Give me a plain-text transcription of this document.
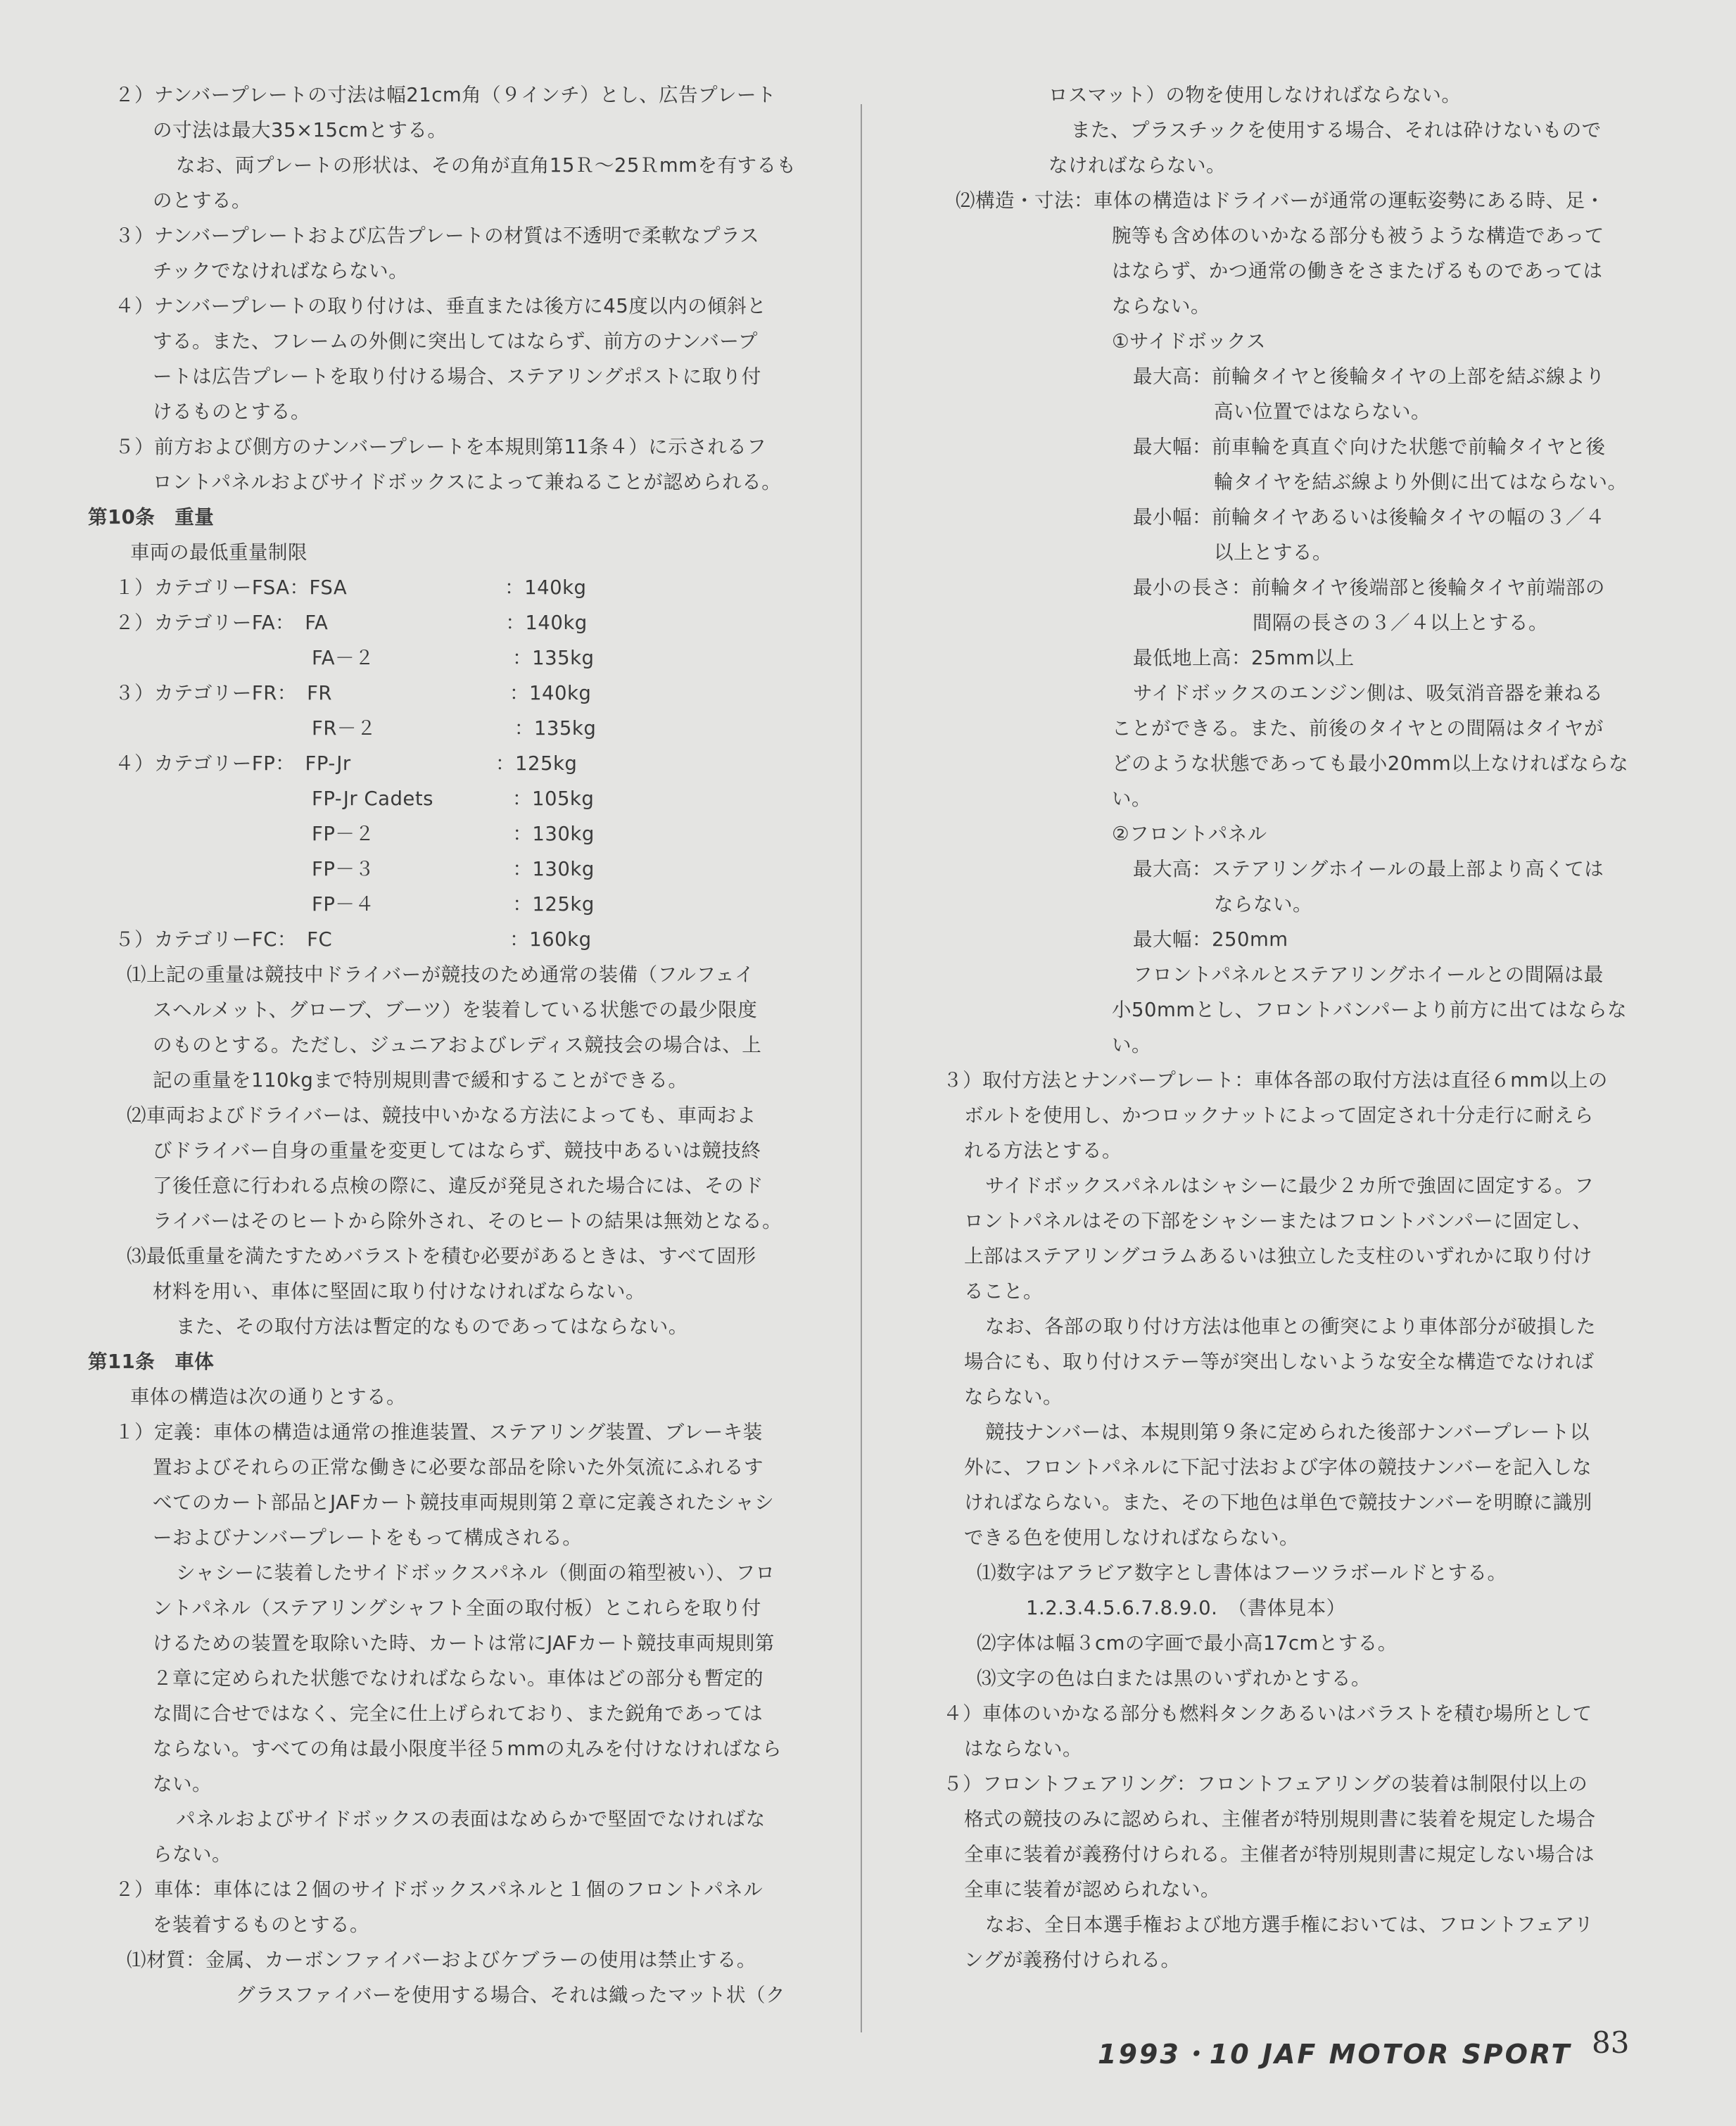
２）ナンバープレートの寸法は幅21cm角（９インチ）とし、広告プレート
の寸法は最大35×15cmとする。
なお、両プレートの形状は、その角が直角15Ｒ～25Ｒmmを有するも
のとする。
３）ナンバープレートおよび広告プレートの材質は不透明で柔軟なプラス
チックでなければならない。
４）ナンバープレートの取り付けは、垂直または後方に45度以内の傾斜と
する。また、フレームの外側に突出してはならず、前方のナンバープ
ートは広告プレートを取り付ける場合、ステアリングポストに取り付
けるものとする。
５）前方および側方のナンバープレートを本規則第11条４）に示されるフ
ロントパネルおよびサイドボックスによって兼ねることが認められる。
第10条　重量
車両の最低重量制限
１）カテゴリーFSA：FSA　　　　　　　　：140kg
２）カテゴリーFA：　FA　　　　　　　　　：140kg
　　　　　　　　　　FA－２　　　　　　　：135kg
３）カテゴリーFR：　FR　　　　　　　　　：140kg
　　　　　　　　　　FR－２　　　　　　　：135kg
４）カテゴリーFP：　FP-Jr　　　　　　　 ：125kg
　　　　　　　　　　FP-Jr Cadets　　　　：105kg
　　　　　　　　　　FP－２　　　　　　　：130kg
　　　　　　　　　　FP－３　　　　　　　：130kg
　　　　　　　　　　FP－４　　　　　　　：125kg
５）カテゴリーFC：　FC　　　　　　　　　：160kg
⑴上記の重量は競技中ドライバーが競技のため通常の装備（フルフェイ
スヘルメット、グローブ、ブーツ）を装着している状態での最少限度
のものとする。ただし、ジュニアおよびレディス競技会の場合は、上
記の重量を110kgまで特別規則書で緩和することができる。
⑵車両およびドライバーは、競技中いかなる方法によっても、車両およ
びドライバー自身の重量を変更してはならず、競技中あるいは競技終
了後任意に行われる点検の際に、違反が発見された場合には、そのド
ライバーはそのヒートから除外され、そのヒートの結果は無効となる。
⑶最低重量を満たすためバラストを積む必要があるときは、すべて固形
材料を用い、車体に堅固に取り付けなければならない。
また、その取付方法は暫定的なものであってはならない。
第11条　車体
車体の構造は次の通りとする。
１）定義：車体の構造は通常の推進装置、ステアリング装置、ブレーキ装
置およびそれらの正常な働きに必要な部品を除いた外気流にふれるす
べてのカート部品とJAFカート競技車両規則第２章に定義されたシャシ
ーおよびナンバープレートをもって構成される。
シャシーに装着したサイドボックスパネル（側面の箱型被い）、フロ
ントパネル（ステアリングシャフト全面の取付板）とこれらを取り付
けるための装置を取除いた時、カートは常にJAFカート競技車両規則第
２章に定められた状態でなければならない。車体はどの部分も暫定的
な間に合せではなく、完全に仕上げられており、また鋭角であっては
ならない。すべての角は最小限度半径５mmの丸みを付けなければなら
ない。
パネルおよびサイドボックスの表面はなめらかで堅固でなければな
らない。
２）車体：車体には２個のサイドボックスパネルと１個のフロントパネル
を装着するものとする。
⑴材質：金属、カーボンファイバーおよびケブラーの使用は禁止する。
グラスファイバーを使用する場合、それは織ったマット状（ク
ロスマット）の物を使用しなければならない。
また、プラスチックを使用する場合、それは砕けないもので
なければならない。
⑵構造・寸法：車体の構造はドライバーが通常の運転姿勢にある時、足・
腕等も含め体のいかなる部分も被うような構造であって
はならず、かつ通常の働きをさまたげるものであっては
ならない。
①サイドボックス
最大高：前輪タイヤと後輪タイヤの上部を結ぶ線より
高い位置ではならない。
最大幅：前車輪を真直ぐ向けた状態で前輪タイヤと後
輪タイヤを結ぶ線より外側に出てはならない。
最小幅：前輪タイヤあるいは後輪タイヤの幅の３／４
以上とする。
最小の長さ：前輪タイヤ後端部と後輪タイヤ前端部の
間隔の長さの３／４以上とする。
最低地上高：25mm以上
サイドボックスのエンジン側は、吸気消音器を兼ねる
ことができる。また、前後のタイヤとの間隔はタイヤが
どのような状態であっても最小20mm以上なければならな
い。
②フロントパネル
最大高：ステアリングホイールの最上部より高くては
ならない。
最大幅：250mm
フロントパネルとステアリングホイールとの間隔は最
小50mmとし、フロントバンパーより前方に出てはならな
い。
３）取付方法とナンバープレート：車体各部の取付方法は直径６mm以上の
ボルトを使用し、かつロックナットによって固定され十分走行に耐えら
れる方法とする。
サイドボックスパネルはシャシーに最少２カ所で強固に固定する。フ
ロントパネルはその下部をシャシーまたはフロントバンパーに固定し、
上部はステアリングコラムあるいは独立した支柱のいずれかに取り付け
ること。
なお、各部の取り付け方法は他車との衝突により車体部分が破損した
場合にも、取り付けステー等が突出しないような安全な構造でなければ
ならない。
競技ナンバーは、本規則第９条に定められた後部ナンバープレート以
外に、フロントパネルに下記寸法および字体の競技ナンバーを記入しな
ければならない。また、その下地色は単色で競技ナンバーを明瞭に識別
できる色を使用しなければならない。
⑴数字はアラビア数字とし書体はフーツラボールドとする。
1.2.3.4.5.6.7.8.9.0.　（書体見本）
⑵字体は幅３cmの字画で最小高17cmとする。
⑶文字の色は白または黒のいずれかとする。
４）車体のいかなる部分も燃料タンクあるいはバラストを積む場所として
はならない。
５）フロントフェアリング：フロントフェアリングの装着は制限付以上の
格式の競技のみに認められ、主催者が特別規則書に装着を規定した場合
全車に装着が義務付けられる。主催者が特別規則書に規定しない場合は
全車に装着が認められない。
なお、全日本選手権および地方選手権においては、フロントフェアリ
ングが義務付けられる。
1993・10 JAF MOTOR SPORT 83
